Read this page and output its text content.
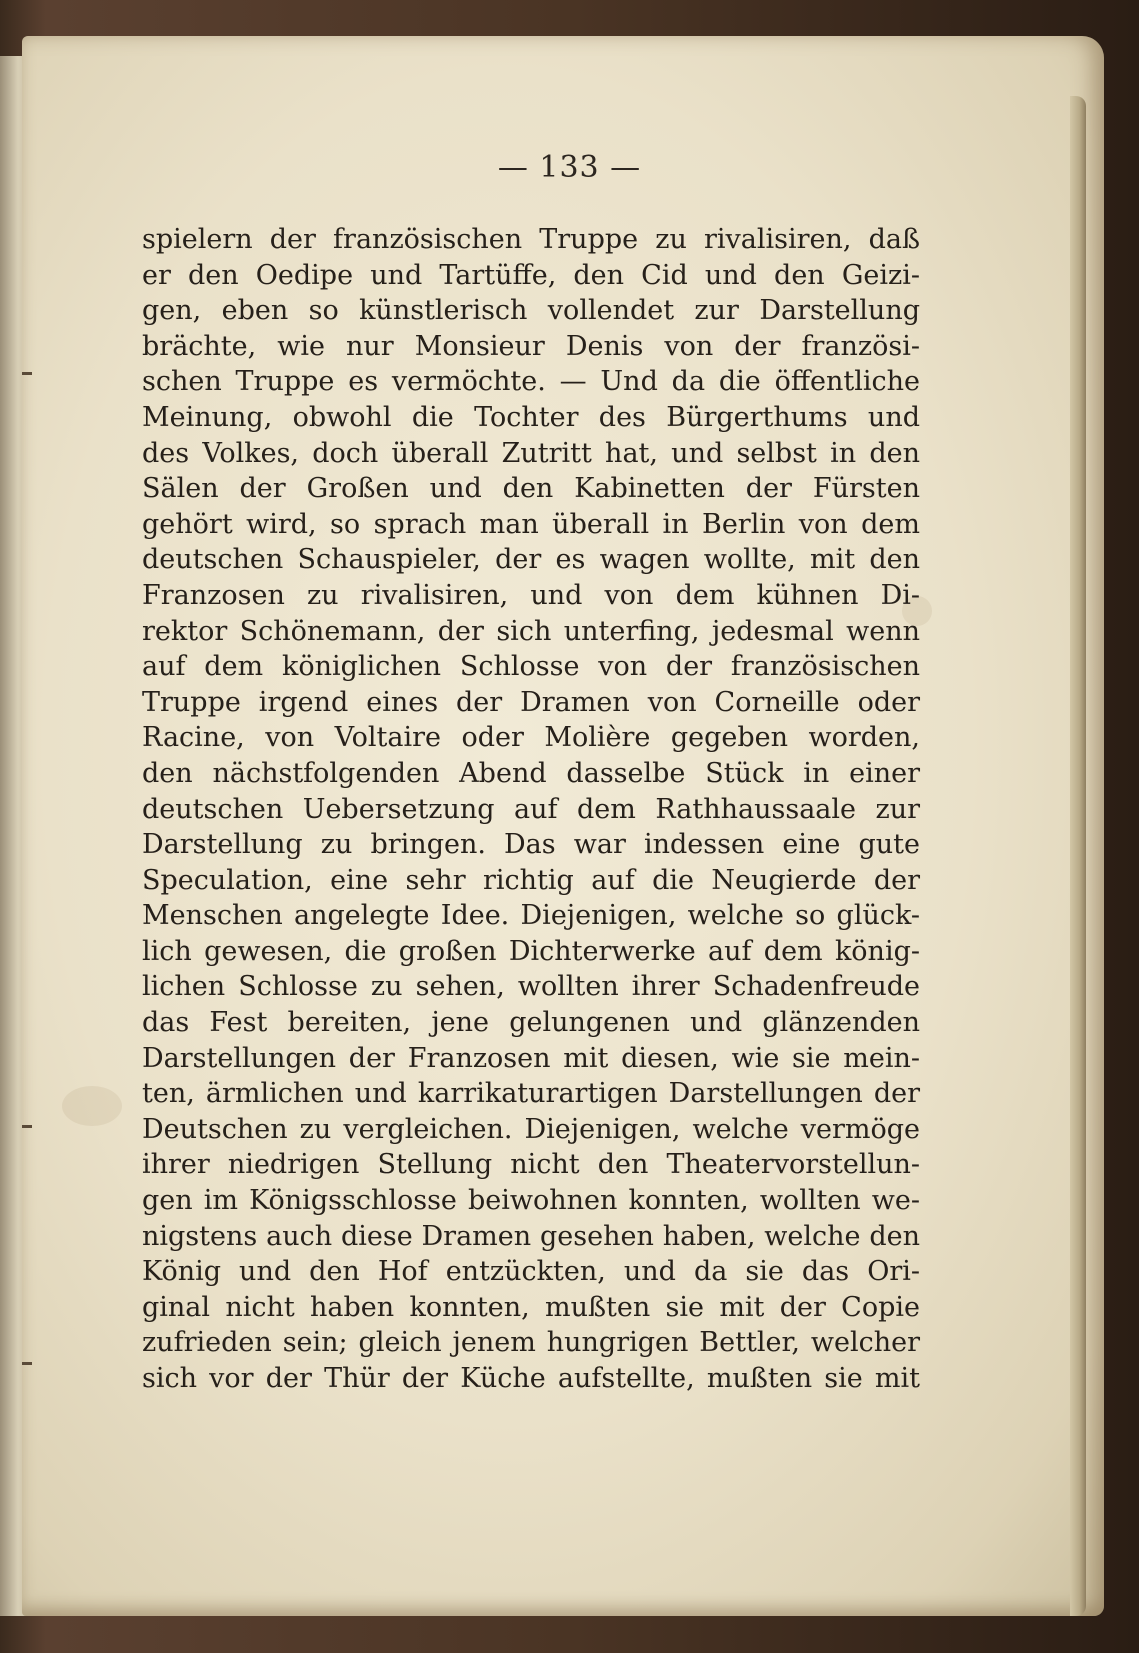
— 133 —
spielern der französischen Truppe zu rivalisiren, daß
er den Oedipe und Tartüffe, den Cid und den Geizi-
gen, eben so künstlerisch vollendet zur Darstellung
brächte, wie nur Monsieur Denis von der französi-
schen Truppe es vermöchte. — Und da die öffentliche
Meinung, obwohl die Tochter des Bürgerthums und
des Volkes, doch überall Zutritt hat, und selbst in den
Sälen der Großen und den Kabinetten der Fürsten
gehört wird, so sprach man überall in Berlin von dem
deutschen Schauspieler, der es wagen wollte, mit den
Franzosen zu rivalisiren, und von dem kühnen Di-
rektor Schönemann, der sich unterfing, jedesmal wenn
auf dem königlichen Schlosse von der französischen
Truppe irgend eines der Dramen von Corneille oder
Racine, von Voltaire oder Molière gegeben worden,
den nächstfolgenden Abend dasselbe Stück in einer
deutschen Uebersetzung auf dem Rathhaussaale zur
Darstellung zu bringen. Das war indessen eine gute
Speculation, eine sehr richtig auf die Neugierde der
Menschen angelegte Idee. Diejenigen, welche so glück-
lich gewesen, die großen Dichterwerke auf dem könig-
lichen Schlosse zu sehen, wollten ihrer Schadenfreude
das Fest bereiten, jene gelungenen und glänzenden
Darstellungen der Franzosen mit diesen, wie sie mein-
ten, ärmlichen und karrikaturartigen Darstellungen der
Deutschen zu vergleichen. Diejenigen, welche vermöge
ihrer niedrigen Stellung nicht den Theatervorstellun-
gen im Königsschlosse beiwohnen konnten, wollten we-
nigstens auch diese Dramen gesehen haben, welche den
König und den Hof entzückten, und da sie das Ori-
ginal nicht haben konnten, mußten sie mit der Copie
zufrieden sein; gleich jenem hungrigen Bettler, welcher
sich vor der Thür der Küche aufstellte, mußten sie mit
